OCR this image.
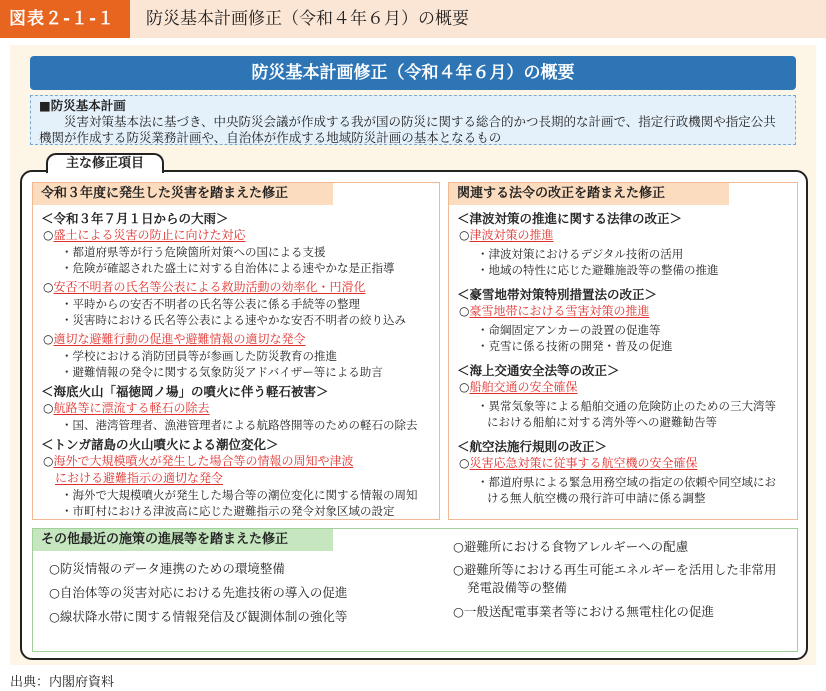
図表２-１-１	防災基本計画修正（令和４年６月）の概要
防災基本計画修正（令和４年６月）の概要
■防災基本計画
災害対策基本法に基づき、中央防災会議が作成する我が国の防災に関する総合的かつ長期的な計画で、指定行政機関や指定公共機関が作成する防災業務計画や、自治体が作成する地域防災計画の基本となるもの
主な修正項目
令和３年度に発生した災害を踏まえた修正
＜令和３年７月１日からの大雨＞
○盛土による災害の防止に向けた対応
・都道府県等が行う危険箇所対策への国による支援
・危険が確認された盛土に対する自治体による速やかな是正指導
○安否不明者の氏名等公表による救助活動の効率化・円滑化
・平時からの安否不明者の氏名等公表に係る手続等の整理
・災害時における氏名等公表による速やかな安否不明者の絞り込み
○適切な避難行動の促進や避難情報の適切な発令
・学校における消防団員等が参画した防災教育の推進
・避難情報の発令に関する気象防災アドバイザー等による助言
＜海底火山「福徳岡ノ場」の噴火に伴う軽石被害＞
○航路等に漂流する軽石の除去
・国、港湾管理者、漁港管理者による航路啓開等のための軽石の除去
＜トンガ諸島の火山噴火による潮位変化＞
○海外で大規模噴火が発生した場合等の情報の周知や津波における避難指示の適切な発令
・海外で大規模噴火が発生した場合等の潮位変化に関する情報の周知
・市町村における津波高に応じた避難指示の発令対象区域の設定
関連する法令の改正を踏まえた修正
＜津波対策の推進に関する法律の改正＞
○津波対策の推進
・津波対策におけるデジタル技術の活用
・地域の特性に応じた避難施設等の整備の推進
＜豪雪地帯対策特別措置法の改正＞
○豪雪地帯における雪害対策の推進
・命綱固定アンカーの設置の促進等
・克雪に係る技術の開発・普及の促進
＜海上交通安全法等の改正＞
○船舶交通の安全確保
・異常気象等による船舶交通の危険防止のための三大湾等における船舶に対する湾外等への避難勧告等
＜航空法施行規則の改正＞
○災害応急対策に従事する航空機の安全確保
・都道府県による緊急用務空域の指定の依頼や同空域における無人航空機の飛行許可申請に係る調整
その他最近の施策の進展等を踏まえた修正
○防災情報のデータ連携のための環境整備
○自治体等の災害対応における先進技術の導入の促進
○線状降水帯に関する情報発信及び観測体制の強化等
○避難所における食物アレルギーへの配慮
○避難所等における再生可能エネルギーを活用した非常用発電設備等の整備
○一般送配電事業者等における無電柱化の促進
出典：内閣府資料
